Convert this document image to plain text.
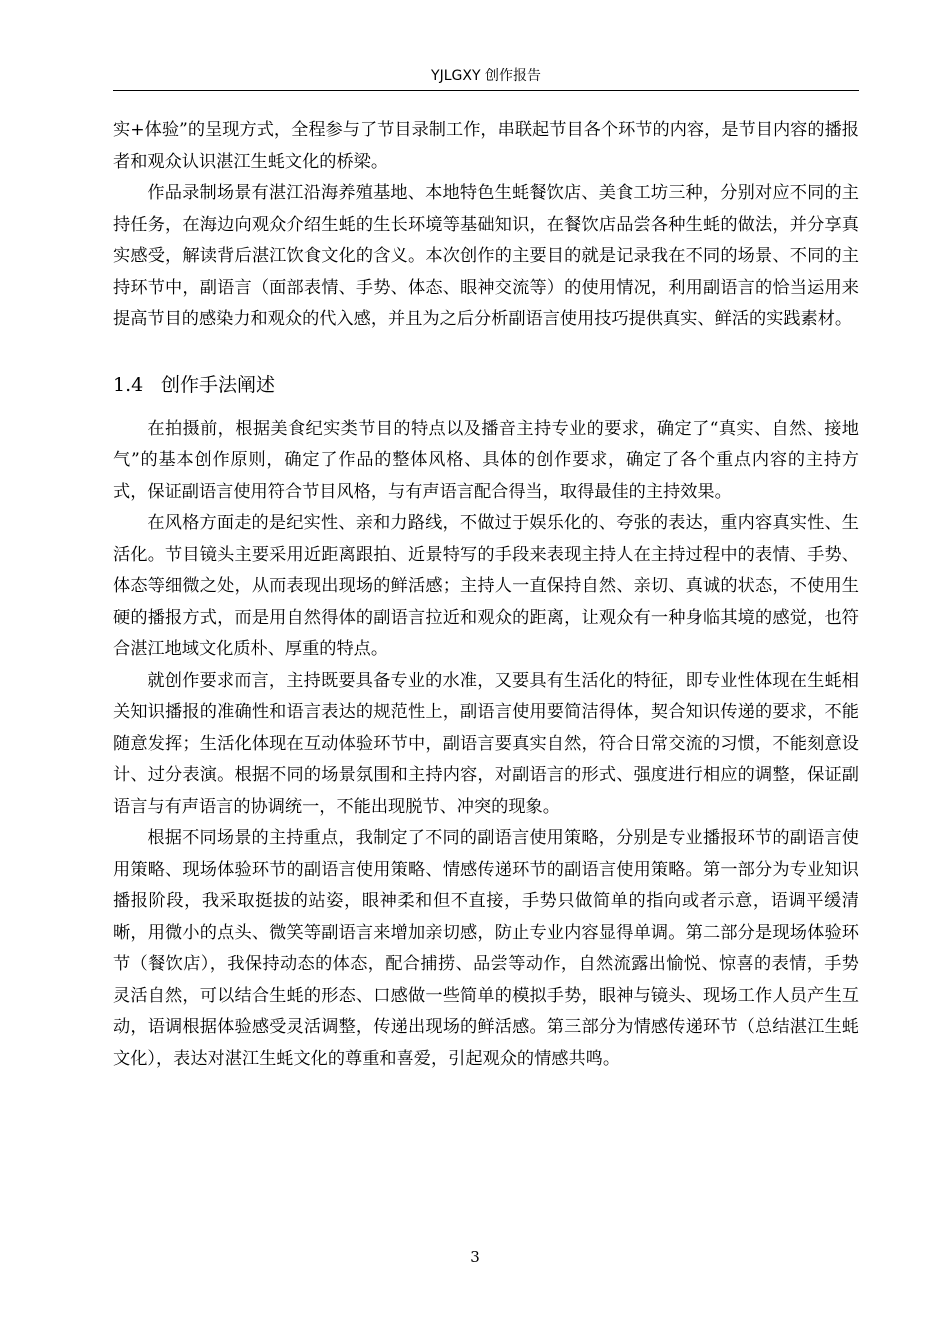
YJLGXY 创作报告

实+体验”的呈现方式，全程参与了节目录制工作，串联起节目各个环节的内容，是节目内容的播报者和观众认识湛江生蚝文化的桥梁。

作品录制场景有湛江沿海养殖基地、本地特色生蚝餐饮店、美食工坊三种，分别对应不同的主持任务，在海边向观众介绍生蚝的生长环境等基础知识，在餐饮店品尝各种生蚝的做法，并分享真实感受，解读背后湛江饮食文化的含义。本次创作的主要目的就是记录我在不同的场景、不同的主持环节中，副语言（面部表情、手势、体态、眼神交流等）的使用情况，利用副语言的恰当运用来提高节目的感染力和观众的代入感，并且为之后分析副语言使用技巧提供真实、鲜活的实践素材。

1.4 创作手法阐述

在拍摄前，根据美食纪实类节目的特点以及播音主持专业的要求，确定了“真实、自然、接地气”的基本创作原则，确定了作品的整体风格、具体的创作要求，确定了各个重点内容的主持方式，保证副语言使用符合节目风格，与有声语言配合得当，取得最佳的主持效果。

在风格方面走的是纪实性、亲和力路线，不做过于娱乐化的、夸张的表达，重内容真实性、生活化。节目镜头主要采用近距离跟拍、近景特写的手段来表现主持人在主持过程中的表情、手势、体态等细微之处，从而表现出现场的鲜活感；主持人一直保持自然、亲切、真诚的状态，不使用生硬的播报方式，而是用自然得体的副语言拉近和观众的距离，让观众有一种身临其境的感觉，也符合湛江地域文化质朴、厚重的特点。

就创作要求而言，主持既要具备专业的水准，又要具有生活化的特征，即专业性体现在生蚝相关知识播报的准确性和语言表达的规范性上，副语言使用要简洁得体，契合知识传递的要求，不能随意发挥；生活化体现在互动体验环节中，副语言要真实自然，符合日常交流的习惯，不能刻意设计、过分表演。根据不同的场景氛围和主持内容，对副语言的形式、强度进行相应的调整，保证副语言与有声语言的协调统一，不能出现脱节、冲突的现象。

根据不同场景的主持重点，我制定了不同的副语言使用策略，分别是专业播报环节的副语言使用策略、现场体验环节的副语言使用策略、情感传递环节的副语言使用策略。第一部分为专业知识播报阶段，我采取挺拔的站姿，眼神柔和但不直接，手势只做简单的指向或者示意，语调平缓清晰，用微小的点头、微笑等副语言来增加亲切感，防止专业内容显得单调。第二部分是现场体验环节（餐饮店），我保持动态的体态，配合捕捞、品尝等动作，自然流露出愉悦、惊喜的表情，手势灵活自然，可以结合生蚝的形态、口感做一些简单的模拟手势，眼神与镜头、现场工作人员产生互动，语调根据体验感受灵活调整，传递出现场的鲜活感。第三部分为情感传递环节（总结湛江生蚝文化），表达对湛江生蚝文化的尊重和喜爱，引起观众的情感共鸣。

3
